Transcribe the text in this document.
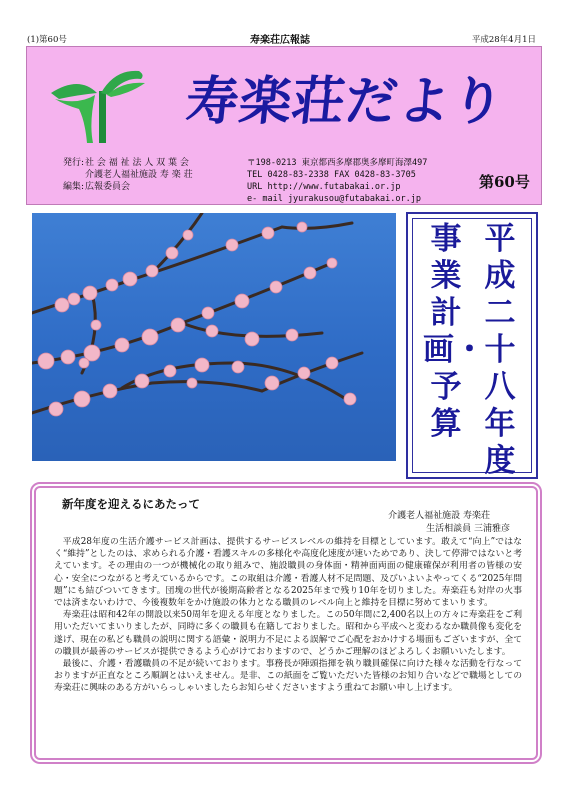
(1)第60号	寿楽荘広報誌	平成28年4月1日
寿楽荘だより
発行: 社 会 福 祉 法 人 双 葉 会
介護老人福祉施設 寿 楽 荘
編集: 広報委員会
〒198-0213 東京都西多摩郡奥多摩町海澤497
TEL 0428-83-2338 FAX 0428-83-3705
URL http://www.futabakai.or.jp
e- mail jyurakusou@futabakai.or.jp
第60号
平成二十八年度
事業計画・予算
新年度を迎えるにあたって
介護老人福祉施設 寿楽荘
生活相談員 三浦雅彦

平成28年度の生活介護サービス計画は、提供するサービスレベルの維持を目標としています。敢えて“向上”ではなく“維持”としたのは、求められる介護・看護スキルの多様化や高度化速度が速いためであり、決して停滞ではないと考えています。その理由の一つが機械化の取り組みで、施設職員の身体面・精神面両面の健康確保が利用者の皆様の安心・安全につながると考えているからです。この取組は介護・看護人材不足問題、及びいよいよやってくる“2025年問題”にも結びついてきます。団塊の世代が後期高齢者となる2025年まで残り10年を切りました。寿楽荘も対岸の火事では済まないわけで、今後複数年をかけ施設の体力となる職員のレベル向上と維持を目標に努めてまいります。

寿楽荘は昭和42年の開設以来50周年を迎える年度となりました。この50年間に2,400名以上の方々に寿楽荘をご利用いただいてまいりましたが、同時に多くの職員も在籍しておりました。昭和から平成へと変わるなか職員像も変化を遂げ、現在の私ども職員の説明に関する語彙・説明力不足による誤解でご心配をおかけする場面もございますが、全ての職員が最善のサービスが提供できるよう心がけておりますので、どうかご理解のほどよろしくお願いいたします。

最後に、介護・看護職員の不足が続いております。事務長が陣頭指揮を執り職員確保に向けた様々な活動を行なっておりますが正直なところ順調とはいえません。是非、この紙面をご覧いただいた皆様のお知り合いなどで職場としての寿楽荘に興味のある方がいらっしゃいましたらお知らせくださいますよう重ねてお願い申し上げます。
